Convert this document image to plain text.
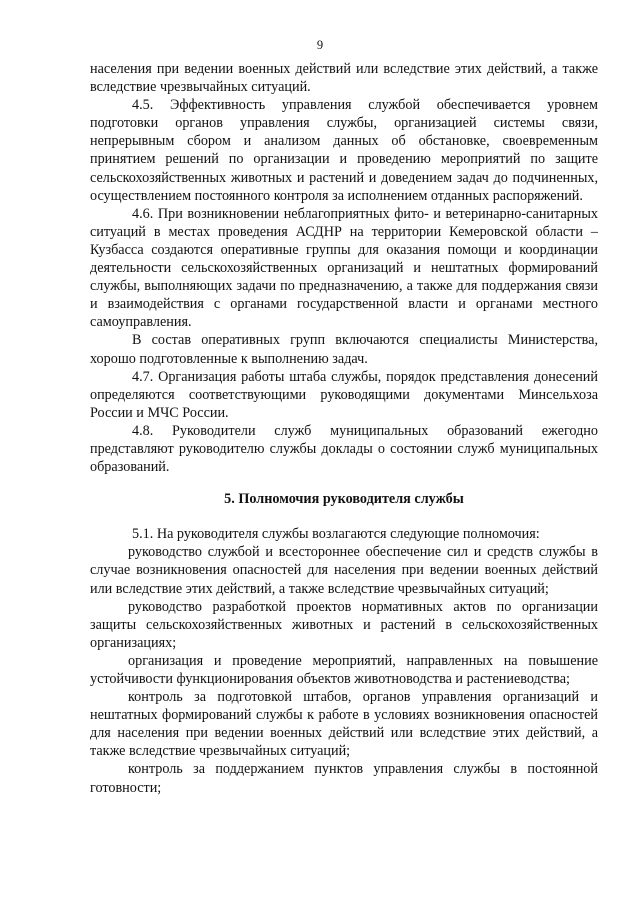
9

населения при ведении военных действий или вследствие этих действий, а также вследствие чрезвычайных ситуаций.

4.5. Эффективность управления службой обеспечивается уровнем подготовки органов управления службы, организацией системы связи, непрерывным сбором и анализом данных об обстановке, своевременным принятием решений по организации и проведению мероприятий по защите сельскохозяйственных животных и растений и доведением задач до подчиненных, осуществлением постоянного контроля за исполнением отданных распоряжений.

4.6. При возникновении неблагоприятных фито- и ветеринарно-санитарных ситуаций в местах проведения АСДНР на территории Кемеровской области – Кузбасса создаются оперативные группы для оказания помощи и координации деятельности сельскохозяйственных организаций и нештатных формирований службы, выполняющих задачи по предназначению, а также для поддержания связи и взаимодействия с органами государственной власти и органами местного самоуправления.

В состав оперативных групп включаются специалисты Министерства, хорошо подготовленные к выполнению задач.

4.7. Организация работы штаба службы, порядок представления донесений определяются соответствующими руководящими документами Минсельхоза России и МЧС России.

4.8. Руководители служб муниципальных образований ежегодно представляют руководителю службы доклады о состоянии служб муниципальных образований.

5. Полномочия руководителя службы

5.1. На руководителя службы возлагаются следующие полномочия:

руководство службой и всестороннее обеспечение сил и средств службы в случае возникновения опасностей для населения при ведении военных действий или вследствие этих действий, а также вследствие чрезвычайных ситуаций;

руководство разработкой проектов нормативных актов по организации защиты сельскохозяйственных животных и растений в сельскохозяйственных организациях;

организация и проведение мероприятий, направленных на повышение устойчивости функционирования объектов животноводства и растениеводства;

контроль за подготовкой штабов, органов управления организаций и нештатных формирований службы к работе в условиях возникновения опасностей для населения при ведении военных действий или вследствие этих действий, а также вследствие чрезвычайных ситуаций;

контроль за поддержанием пунктов управления службы в постоянной готовности;
